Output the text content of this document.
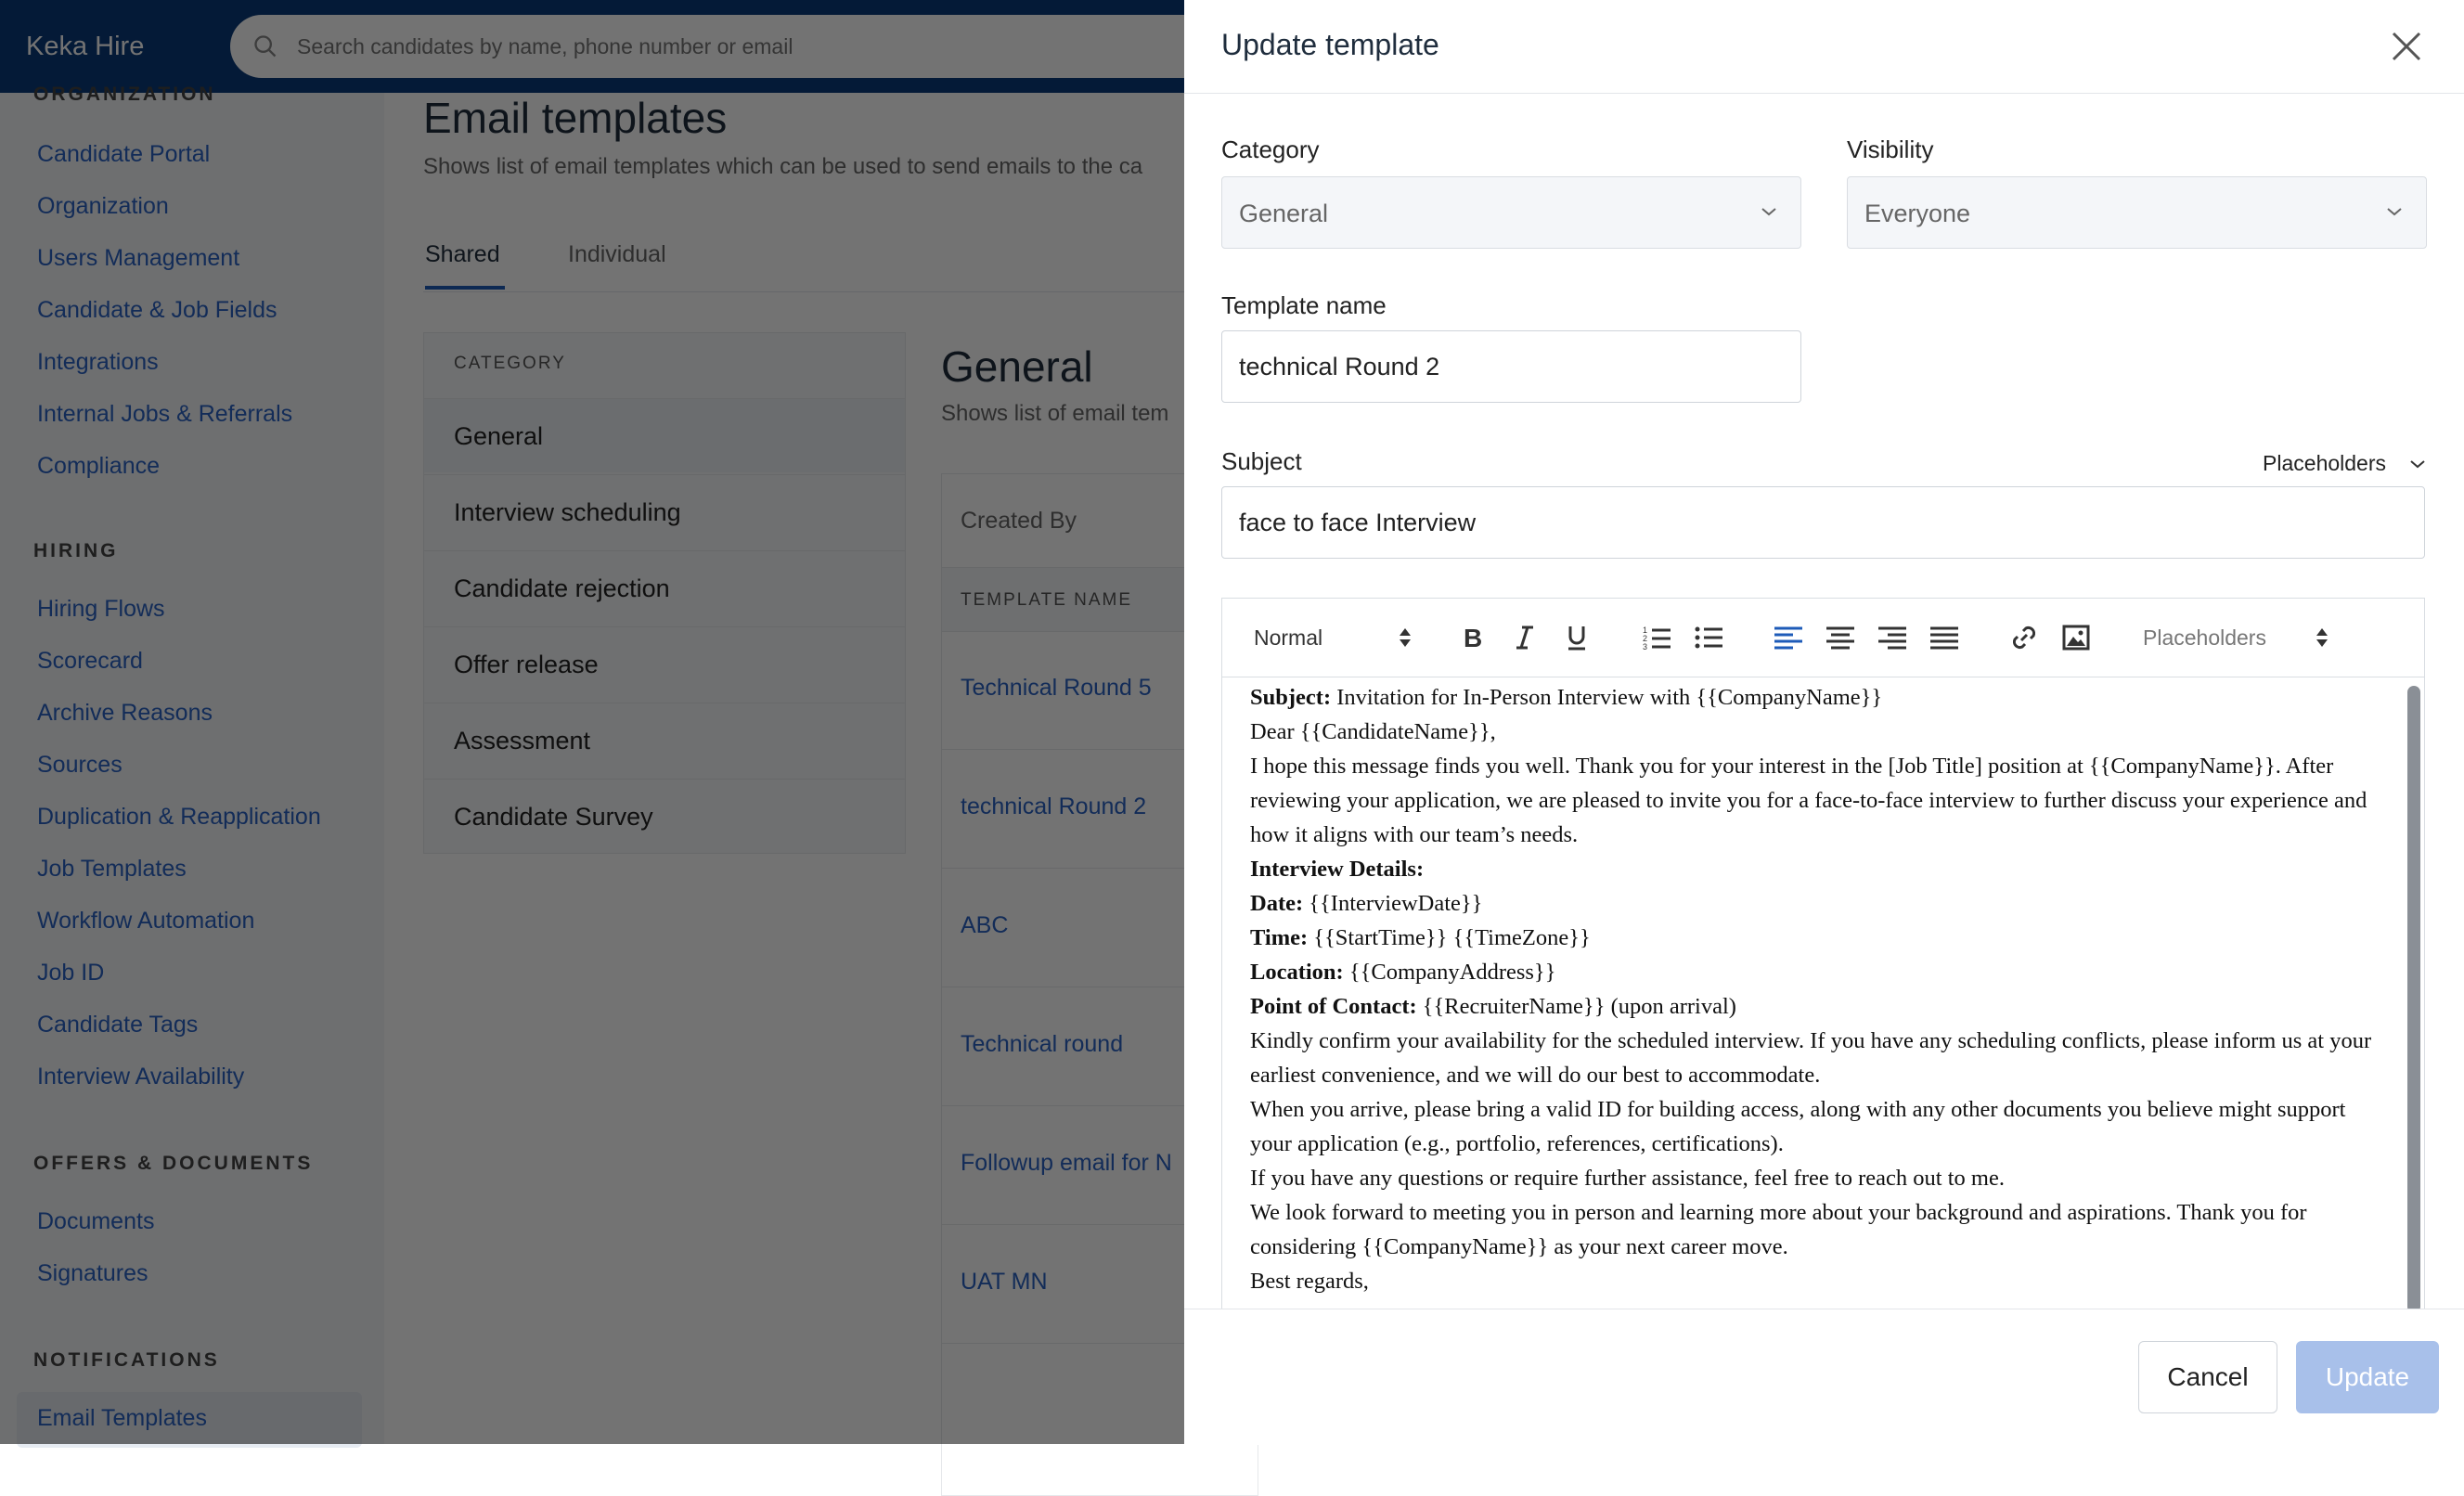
Search candidates by name, phone number or email
Update template
Category
General
Visibility
Everyone
Template name
technical Round 2
Subject	Placeholders
face to face Interview
Normal	B	1
2
3	Placeholders

Subject: Invitation for In-Person Interview with {{CompanyName}}

Dear {{CandidateName}},

I hope this message finds you well. Thank you for your interest in the [Job Title] position at {{CompanyName}}. After reviewing your application, we are pleased to invite you for a face-to-face interview to further discuss your experience and how it aligns with our team’s needs.

Interview Details:

Date: {{InterviewDate}}

Time: {{StartTime}} {{TimeZone}}

Location: {{CompanyAddress}}

Point of Contact: {{RecruiterName}} (upon arrival)

Kindly confirm your availability for the scheduled interview. If you have any scheduling conflicts, please inform us at your earliest convenience, and we will do our best to accommodate.

When you arrive, please bring a valid ID for building access, along with any other documents you believe might support your application (e.g., portfolio, references, certifications).

If you have any questions or require further assistance, feel free to reach out to me.

We look forward to meeting you in person and learning more about your background and aspirations. Thank you for considering {{CompanyName}} as your next career move.

Best regards,

Cancel	Update
